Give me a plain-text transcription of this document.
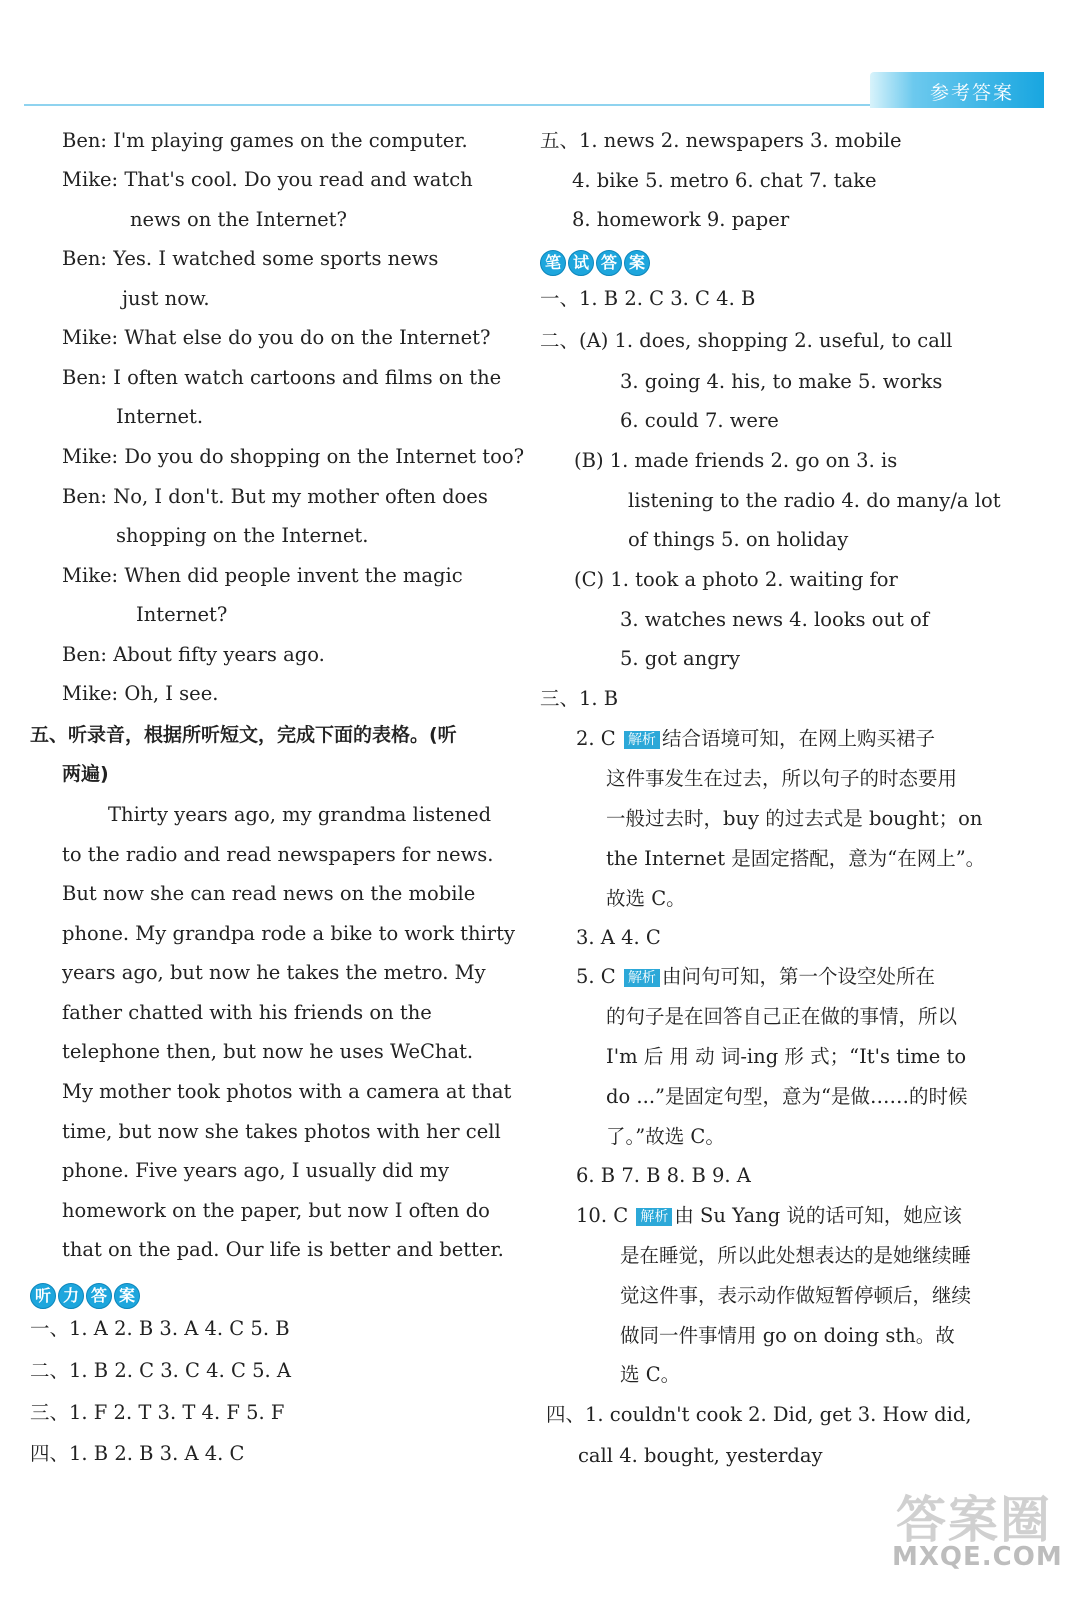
参考答案
Ben: I'm playing games on the computer.
Mike: That's cool. Do you read and watch
news on the Internet?
Ben: Yes. I watched some sports news
just now.
Mike: What else do you do on the Internet?
Ben: I often watch cartoons and films on the
Internet.
Mike: Do you do shopping on the Internet too?
Ben: No, I don't. But my mother often does
shopping on the Internet.
Mike: When did people invent the magic
Internet?
Ben: About fifty years ago.
Mike: Oh, I see.
五、听录音，根据所听短文，完成下面的表格。(听
两遍)
Thirty years ago, my grandma listened
to the radio and read newspapers for news.
But now she can read news on the mobile
phone. My grandpa rode a bike to work thirty
years ago, but now he takes the metro. My
father chatted with his friends on the
telephone then, but now he uses WeChat.
My mother took photos with a camera at that
time, but now she takes photos with her cell
phone. Five years ago, I usually did my
homework on the paper, but now I often do
that on the pad. Our life is better and better.
一、1. A 2. B 3. A 4. C 5. B
二、1. B 2. C 3. C 4. C 5. A
三、1. F 2. T 3. T 4. F 5. F
四、1. B 2. B 3. A 4. C
听 力 答 案
五、1. news 2. newspapers 3. mobile
4. bike 5. metro 6. chat 7. take
8. homework 9. paper
一、1. B 2. C 3. C 4. B
二、(A) 1. does, shopping 2. useful, to call
3. going 4. his, to make 5. works
6. could 7. were
(B) 1. made friends 2. go on 3. is
listening to the radio 4. do many/a lot
of things 5. on holiday
(C) 1. took a photo 2. waiting for
3. watches news 4. looks out of
5. got angry
三、1. B
这件事发生在过去，所以句子的时态要用
一般过去时，buy 的过去式是 bought；on
the Internet 是固定搭配，意为“在网上”。
故选 C。
3. A 4. C
的句子是在回答自己正在做的事情，所以
I'm 后 用 动 词-ing 形 式；“It's time to
do ...”是固定句型，意为“是做……的时候
了。”故选 C。
6. B 7. B 8. B 9. A
是在睡觉，所以此处想表达的是她继续睡
觉这件事，表示动作做短暂停顿后，继续
做同一件事情用 go on doing sth。故
选 C。
四、1. couldn't cook 2. Did, get 3. How did,
call 4. bought, yesterday
2. C 解析 结合语境可知，在网上购买裙子
5. C 解析 由问句可知，第一个设空处所在
10. C 解析 由 Su Yang 说的话可知，她应该
笔 试 答 案
答案圈
MXQE.COM
